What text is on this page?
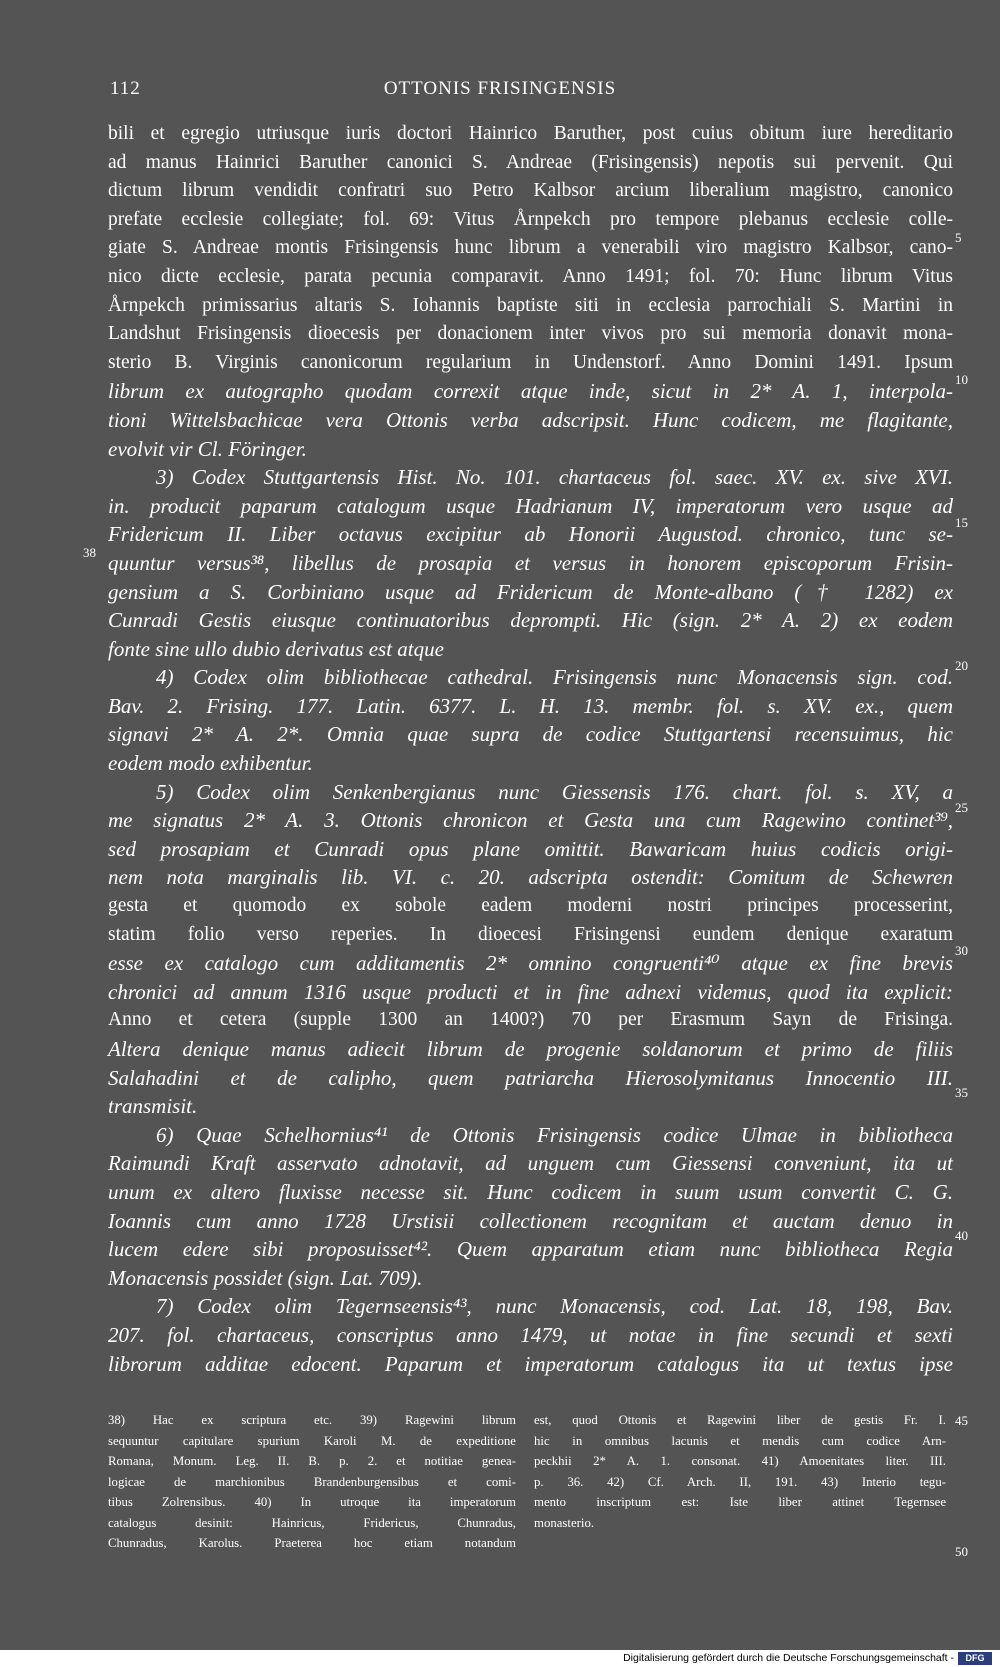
112	OTTONIS FRISINGENSIS
bili et egregio utriusque iuris doctori Hainrico Baruther, post cuius obitum iure hereditario
ad manus Hainrici Baruther canonici S. Andreae (Frisingensis) nepotis sui pervenit. Qui
dictum librum vendidit confratri suo Petro Kalbsor arcium liberalium magistro, canonico
prefate ecclesie collegiate; fol. 69: Vitus Årnpekch pro tempore plebanus ecclesie colle-
giate S. Andreae montis Frisingensis hunc librum a venerabili viro magistro Kalbsor, cano-
nico dicte ecclesie, parata pecunia comparavit. Anno 1491; fol. 70: Hunc librum Vitus
Årnpekch primissarius altaris S. Iohannis baptiste siti in ecclesia parrochiali S. Martini in
Landshut Frisingensis dioecesis per donacionem inter vivos pro sui memoria donavit mona-
sterio B. Virginis canonicorum regularium in Undenstorf. Anno Domini 1491. Ipsum
librum ex autographo quodam correxit atque inde, sicut in 2* A. 1, interpola-
tioni Wittelsbachicae vera Ottonis verba adscripsit. Hunc codicem, me flagitante,
evolvit vir Cl. Föringer.
3) Codex Stuttgartensis Hist. No. 101. chartaceus fol. saec. XV. ex. sive XVI.
in. producit paparum catalogum usque Hadrianum IV, imperatorum vero usque ad
Fridericum II. Liber octavus excipitur ab Honorii Augustod. chronico, tunc se-
quuntur versus³⁸, libellus de prosapia et versus in honorem episcoporum Frisin-
gensium a S. Corbiniano usque ad Fridericum de Monte-albano († 1282) ex
Cunradi Gestis eiusque continuatoribus deprompti. Hic (sign. 2* A. 2) ex eodem
fonte sine ullo dubio derivatus est atque
4) Codex olim bibliothecae cathedral. Frisingensis nunc Monacensis sign. cod.
Bav. 2. Frising. 177. Latin. 6377. L. H. 13. membr. fol. s. XV. ex., quem
signavi 2* A. 2*. Omnia quae supra de codice Stuttgartensi recensuimus, hic
eodem modo exhibentur.
5) Codex olim Senkenbergianus nunc Giessensis 176. chart. fol. s. XV, a
me signatus 2* A. 3. Ottonis chronicon et Gesta una cum Ragewino continet³⁹,
sed prosapiam et Cunradi opus plane omittit. Bawaricam huius codicis origi-
nem nota marginalis lib. VI. c. 20. adscripta ostendit: Comitum de Schewren
gesta et quomodo ex sobole eadem moderni nostri principes processerint,
statim folio verso reperies. In dioecesi Frisingensi eundem denique exaratum
esse ex catalogo cum additamentis 2* omnino congruenti⁴⁰ atque ex fine brevis
chronici ad annum 1316 usque producti et in fine adnexi videmus, quod ita explicit:
Anno et cetera (supple 1300 an 1400?) 70 per Erasmum Sayn de Frisinga.
Altera denique manus adiecit librum de progenie soldanorum et primo de filiis
Salahadini et de calipho, quem patriarcha Hierosolymitanus Innocentio III.
transmisit.
6) Quae Schelhornius⁴¹ de Ottonis Frisingensis codice Ulmae in bibliotheca
Raimundi Kraft asservato adnotavit, ad unguem cum Giessensi conveniunt, ita ut
unum ex altero fluxisse necesse sit. Hunc codicem in suum usum convertit C. G.
Ioannis cum anno 1728 Urstisii collectionem recognitam et auctam denuo in
lucem edere sibi proposuisset⁴². Quem apparatum etiam nunc bibliotheca Regia
Monacensis possidet (sign. Lat. 709).
7) Codex olim Tegernseensis⁴³, nunc Monacensis, cod. Lat. 18, 198, Bav.
207. fol. chartaceus, conscriptus anno 1479, ut notae in fine secundi et sexti
librorum additae edocent. Paparum et imperatorum catalogus ita ut textus ipse
5
10
15
38
20
25
30
35
40
45
50
38) Hac ex scriptura etc. 39) Ragewini librum
sequuntur capitulare spurium Karoli M. de expeditione
Romana, Monum. Leg. II. B. p. 2. et notitiae genea-
logicae de marchionibus Brandenburgensibus et comi-
tibus Zolrensibus. 40) In utroque ita imperatorum
catalogus desinit: Hainricus, Fridericus, Chunradus,
Chunradus, Karolus. Praeterea hoc etiam notandum
est, quod Ottonis et Ragewini liber de gestis Fr. I.
hic in omnibus lacunis et mendis cum codice Arn-
peckhii 2* A. 1. consonat. 41) Amoenitates liter. III.
p. 36. 42) Cf. Arch. II, 191. 43) Interio tegu-
mento inscriptum est: Iste liber attinet Tegernsee
monasterio.
Digitalisierung gefördert durch die Deutsche Forschungsgemeinschaft -	DFG
